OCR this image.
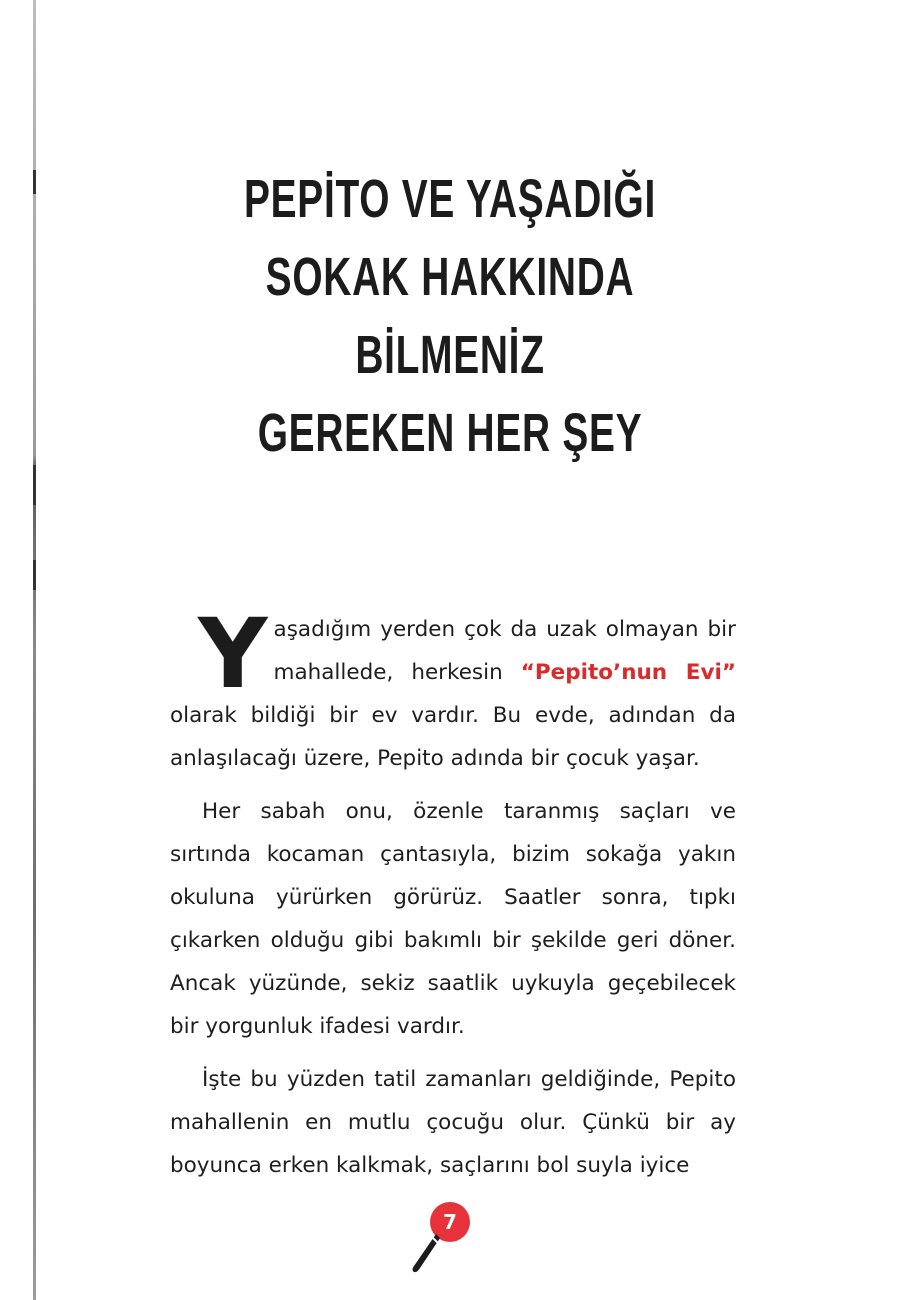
PEPİTO VE YAŞADIĞI
SOKAK HAKKINDA BİLMENİZ
GEREKEN HER ŞEY

Yaşadığım yerden çok da uzak olmayan bir mahallede, herkesin “Pepito’nun Evi” olarak bildiği bir ev vardır. Bu evde, adından da anlaşılacağı üzere, Pepito adında bir çocuk yaşar.

Her sabah onu, özenle taranmış saçları ve sırtında kocaman çantasıyla, bizim sokağa yakın okuluna yürürken görürüz. Saatler sonra, tıpkı çıkarken olduğu gibi bakımlı bir şekilde geri döner. Ancak yüzünde, sekiz saatlik uykuyla geçebilecek bir yorgunluk ifadesi vardır.

İşte bu yüzden tatil zamanları geldiğinde, Pepito mahallenin en mutlu çocuğu olur. Çünkü bir ay boyunca erken kalkmak, saçlarını bol suyla iyice

7
